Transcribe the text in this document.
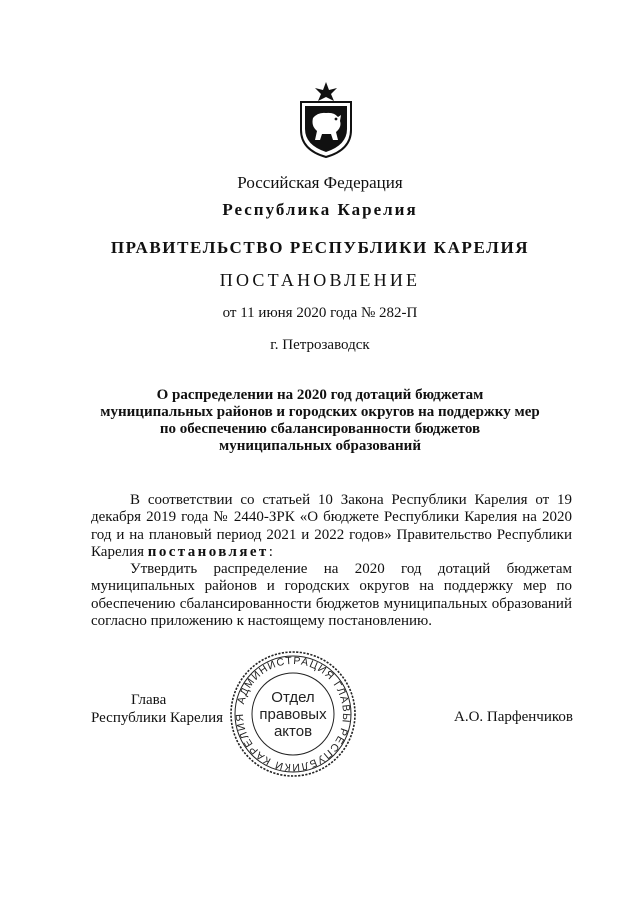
Российская Федерация
Республика Карелия
ПРАВИТЕЛЬСТВО РЕСПУБЛИКИ КАРЕЛИЯ
ПОСТАНОВЛЕНИЕ
от 11 июня 2020 года № 282-П
г. Петрозаводск
О распределении на 2020 год дотаций бюджетам
муниципальных районов и городских округов на поддержку мер
по обеспечению сбалансированности бюджетов
муниципальных образований

В соответствии со статьей 10 Закона Республики Карелия от 19 декабря 2019 года № 2440-ЗРК «О бюджете Республики Карелия на 2020 год и на плановый период 2021 и 2022 годов» Правительство Республики Карелия постановляет:

Утвердить распределение на 2020 год дотаций бюджетам муниципальных районов и городских округов на поддержку мер по обеспечению сбалансированности бюджетов муниципальных образований согласно приложению к настоящему постановлению.

Глава
Республики Карелия	А.О. Парфенчиков
АДМИНИСТРАЦИЯ ГЛАВЫ РЕСПУБЛИКИ КАРЕЛИЯ
Отдел
правовых
актов
